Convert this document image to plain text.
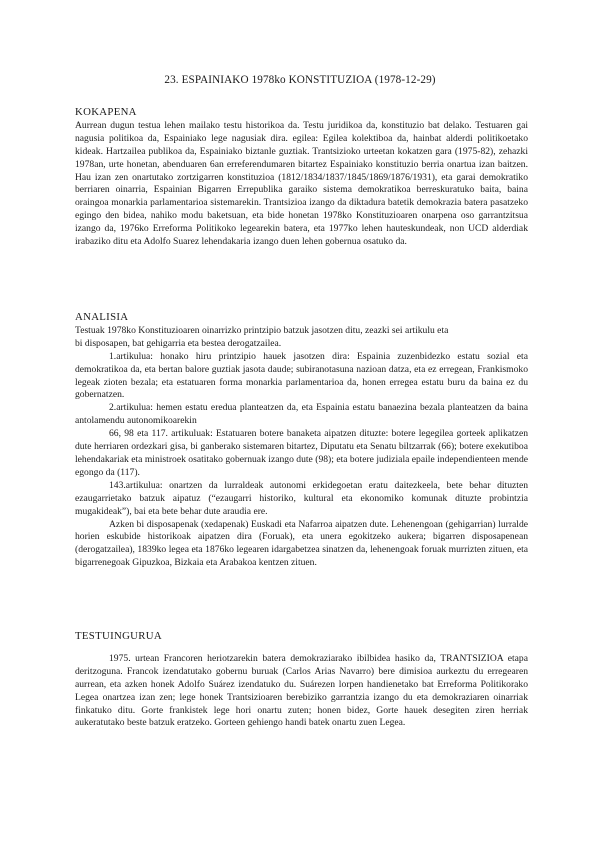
23. ESPAINIAKO 1978ko KONSTITUZIOA (1978-12-29)
KOKAPENA

Aurrean dugun testua lehen mailako testu historikoa da. Testu juridikoa da, konstituzio bat delako. Testuaren gai nagusia politikoa da, Espainiako lege nagusiak dira. egilea: Egilea kolektiboa da, hainbat alderdi politikoetako kideak. Hartzailea publikoa da, Espainiako biztanle guztiak. Trantsizioko urteetan kokatzen gara (1975-82), zehazki 1978an, urte honetan, abenduaren 6an erreferendumaren bitartez Espainiako konstituzio berria onartua izan baitzen. Hau izan zen onartutako zortzigarren konstituzioa (1812/1834/1837/1845/1869/1876/1931), eta garai demokratiko berriaren oinarria, Espainian Bigarren Errepublika garaiko sistema demokratikoa berreskuratuko baita, baina oraingoa monarkia parlamentarioa sistemarekin. Trantsizioa izango da diktadura batetik demokrazia batera pasatzeko egingo den bidea, nahiko modu baketsuan, eta bide honetan 1978ko Konstituzioaren onarpena oso garrantzitsua izango da, 1976ko Erreforma Politikoko legearekin batera, eta 1977ko lehen hauteskundeak, non UCD alderdiak irabaziko ditu eta Adolfo Suarez lehendakaria izango duen lehen gobernua osatuko da.

ANALISIA

Testuak 1978ko Konstituzioaren oinarrizko printzipio batzuk jasotzen ditu, zeazki sei artikulu eta

bi disposapen, bat gehigarria eta bestea derogatzailea.

1.artikulua: honako hiru printzipio hauek jasotzen dira: Espainia zuzenbidezko estatu sozial eta demokratikoa da, eta bertan balore guztiak jasota daude; subiranotasuna nazioan datza, eta ez erregean, Frankismoko legeak zioten bezala; eta estatuaren forma monarkia parlamentarioa da, honen erregea estatu buru da baina ez du gobernatzen.

2.artikulua: hemen estatu eredua planteatzen da, eta Espainia estatu banaezina bezala planteatzen da baina antolamendu autonomikoarekin

66, 98 eta 117. artikuluak: Estatuaren botere banaketa aipatzen dituzte: botere legegilea gorteek aplikatzen dute herriaren ordezkari gisa, bi ganberako sistemaren bitartez, Diputatu eta Senatu biltzarrak (66); botere exekutiboa lehendakariak eta ministroek osatitako gobernuak izango dute (98); eta botere judiziala epaile independienteen mende egongo da (117).

143.artikulua: onartzen da lurraldeak autonomi erkidegoetan eratu daitezkeela, bete behar dituzten ezaugarrietako batzuk aipatuz (“ezaugarri historiko, kultural eta ekonomiko komunak dituzte probintzia mugakideak”), bai eta bete behar dute araudia ere.

Azken bi disposapenak (xedapenak) Euskadi eta Nafarroa aipatzen dute. Lehenengoan (gehigarrian) lurralde horien eskubide historikoak aipatzen dira (Foruak), eta unera egokitzeko aukera; bigarren disposapenean (derogatzailea), 1839ko legea eta 1876ko legearen idargabetzea sinatzen da, lehenengoak foruak murrizten zituen, eta bigarrenegoak Gipuzkoa, Bizkaia eta Arabakoa kentzen zituen.

TESTUINGURUA

1975. urtean Francoren heriotzarekin batera demokraziarako ibilbidea hasiko da, TRANTSIZIOA etapa deritzoguna. Francok izendatutako gobernu buruak (Carlos Arias Navarro) bere dimisioa aurkeztu du erregearen aurrean, eta azken honek Adolfo Suárez izendatuko du. Suárezen lorpen handienetako bat Erreforma Politikorako Legea onartzea izan zen; lege honek Trantsizioaren berebiziko garrantzia izango du eta demokraziaren oinarriak finkatuko ditu. Gorte frankistek lege hori onartu zuten; honen bidez, Gorte hauek desegiten ziren herriak aukeratutako beste batzuk eratzeko. Gorteen gehiengo handi batek onartu zuen Legea.
